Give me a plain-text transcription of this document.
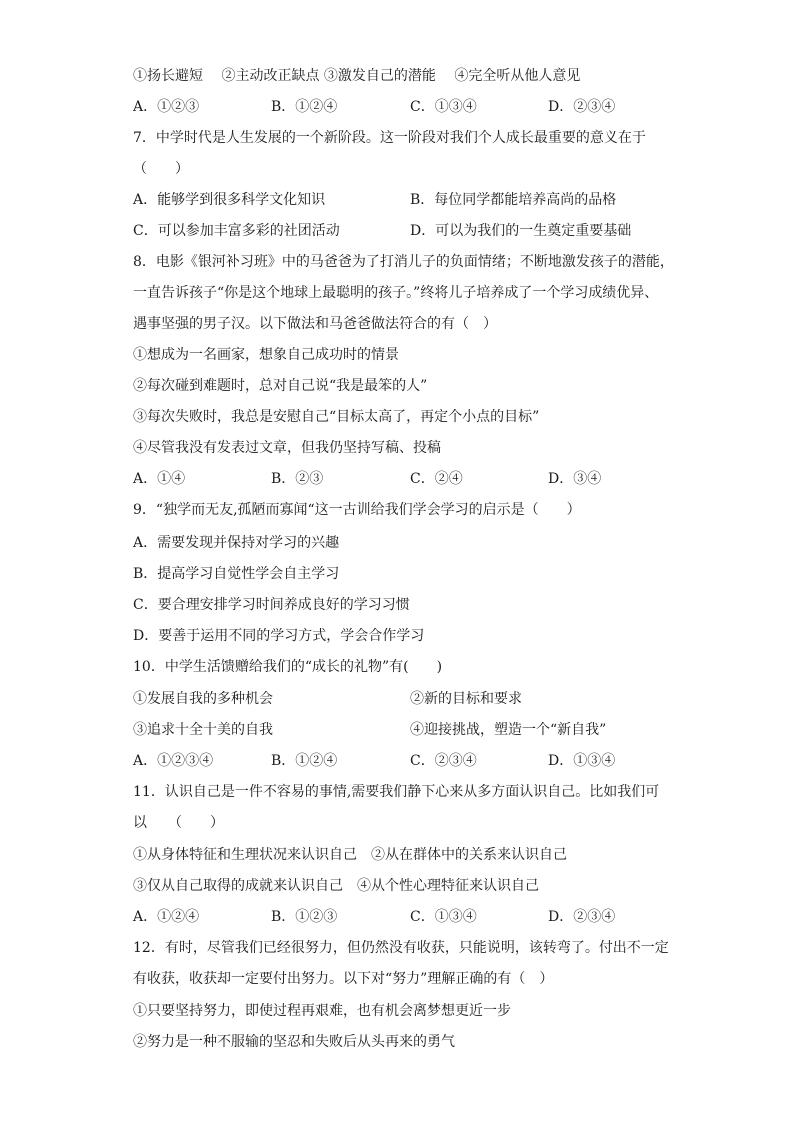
①扬长避短　 ②主动改正缺点 ③激发自己的潜能　 ④完全听从他人意见
A．①②③	B．①②④	C．①③④	D．②③④
7．中学时代是人生发展的一个新阶段。这一阶段对我们个人成长最重要的意义在于
（　　）
A．能够学到很多科学文化知识	B．每位同学都能培养高尚的品格
C．可以参加丰富多彩的社团活动	D．可以为我们的一生奠定重要基础
8．电影《银河补习班》中的马爸爸为了打消儿子的负面情绪；不断地激发孩子的潜能，
一直告诉孩子“你是这个地球上最聪明的孩子。”终将儿子培养成了一个学习成绩优异、
遇事坚强的男子汉。以下做法和马爸爸做法符合的有（　）
①想成为一名画家，想象自己成功时的情景
②每次碰到难题时，总对自己说“我是最笨的人”
③每次失败时，我总是安慰自己“目标太高了，再定个小点的目标”
④尽管我没有发表过文章，但我仍坚持写稿、投稿
A．①④	B．②③	C．②④	D．③④
9．“独学而无友,孤陋而寡闻“这一古训给我们学会学习的启示是（　　）
A．需要发现并保持对学习的兴趣
B．提高学习自觉性学会自主学习
C．要合理安排学习时间养成良好的学习习惯
D．要善于运用不同的学习方式，学会合作学习
10．中学生活馈赠给我们的“成长的礼物”有(　　)
①发展自我的多种机会	②新的目标和要求
③追求十全十美的自我	④迎接挑战，塑造一个“新自我”
A．①②③④	B．①②④	C．②③④	D．①③④
11．认识自己是一件不容易的事情,需要我们静下心来从多方面认识自己。比如我们可
以　　（　　）
①从身体特征和生理状况来认识自己　②从在群体中的关系来认识自己
③仅从自己取得的成就来认识自己　④从个性心理特征来认识自己
A．①②④	B．①②③	C．①③④	D．②③④
12．有时，尽管我们已经很努力，但仍然没有收获，只能说明，该转弯了。付出不一定
有收获，收获却一定要付出努力。以下对“努力”理解正确的有（　）
①只要坚持努力，即使过程再艰难，也有机会离梦想更近一步
②努力是一种不服输的坚忍和失败后从头再来的勇气
